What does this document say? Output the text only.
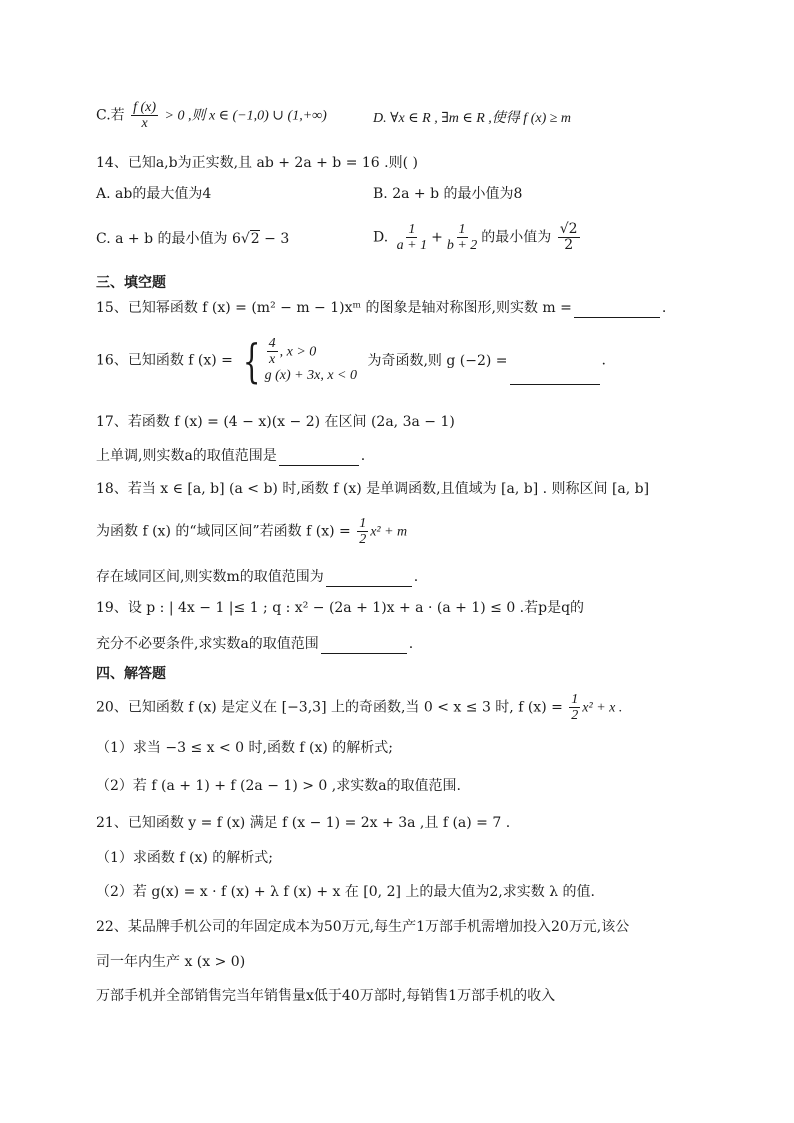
C.若 $\frac{f (x)}{x} > 0$ ,则 x ∈ (−1,0) ∪ (1,+∞)	D. ∀x ∈ R , ∃m ∈ R ,使得 f (x) ≥ m
14、已知a,b为正实数,且 ab + 2a + b = 16 .则( )
A. ab的最大值为4	B. 2a + b 的最小值为8
C. a + b 的最小值为 6√2 − 3	D. $\frac{1}{a + 1} + \frac{1}{b + 2}$ 的最小值为 $\frac{√2}{2}$
三、填空题
15、已知幂函数 f (x) = (m² − m − 1)xᵐ 的图象是轴对称图形,则实数 m =	.
16、已知函数 f (x) = { $\frac{4}{x}$ , x > 0
g (x) + 3x, x < 0
为奇函数,则 g (−2) =	.
17、若函数 f (x) = (4 − x)(x − 2) 在区间 (2a, 3a − 1)
上单调,则实数a的取值范围是	.
18、若当 x ∈ [a, b] (a < b) 时,函数 f (x) 是单调函数,且值域为 [a, b] . 则称区间 [a, b]
为函数 f (x) 的“域同区间”若函数 f $(x) = \frac{1}{2} x^2 + m$
存在域同区间,则实数m的取值范围为	.
19、设 p : | 4x − 1 |≤ 1 ; q : x² − (2a + 1)x + a · (a + 1) ≤ 0 .若p是q的
充分不必要条件,求实数a的取值范围	.
四、解答题
20、已知函数 f (x) 是定义在 [−3,3] 上的奇函数,当 0 < x ≤ 3 时, f $(x) = \frac{1}{2} x^2 + x$ .
（1）求当 −3 ≤ x < 0 时,函数 f (x) 的解析式;
（2）若 f (a + 1) + f (2a − 1) > 0 ,求实数a的取值范围.
21、已知函数 y = f (x) 满足 f (x − 1) = 2x + 3a ,且 f (a) = 7 .
（1）求函数 f (x) 的解析式;
（2）若 g(x) = x · f (x) + λ f (x) + x 在 [0, 2] 上的最大值为2,求实数 λ 的值.
22、某品牌手机公司的年固定成本为50万元,每生产1万部手机需增加投入20万元,该公
司一年内生产 x (x > 0)
万部手机并全部销售完当年销售量x低于40万部时,每销售1万部手机的收入
